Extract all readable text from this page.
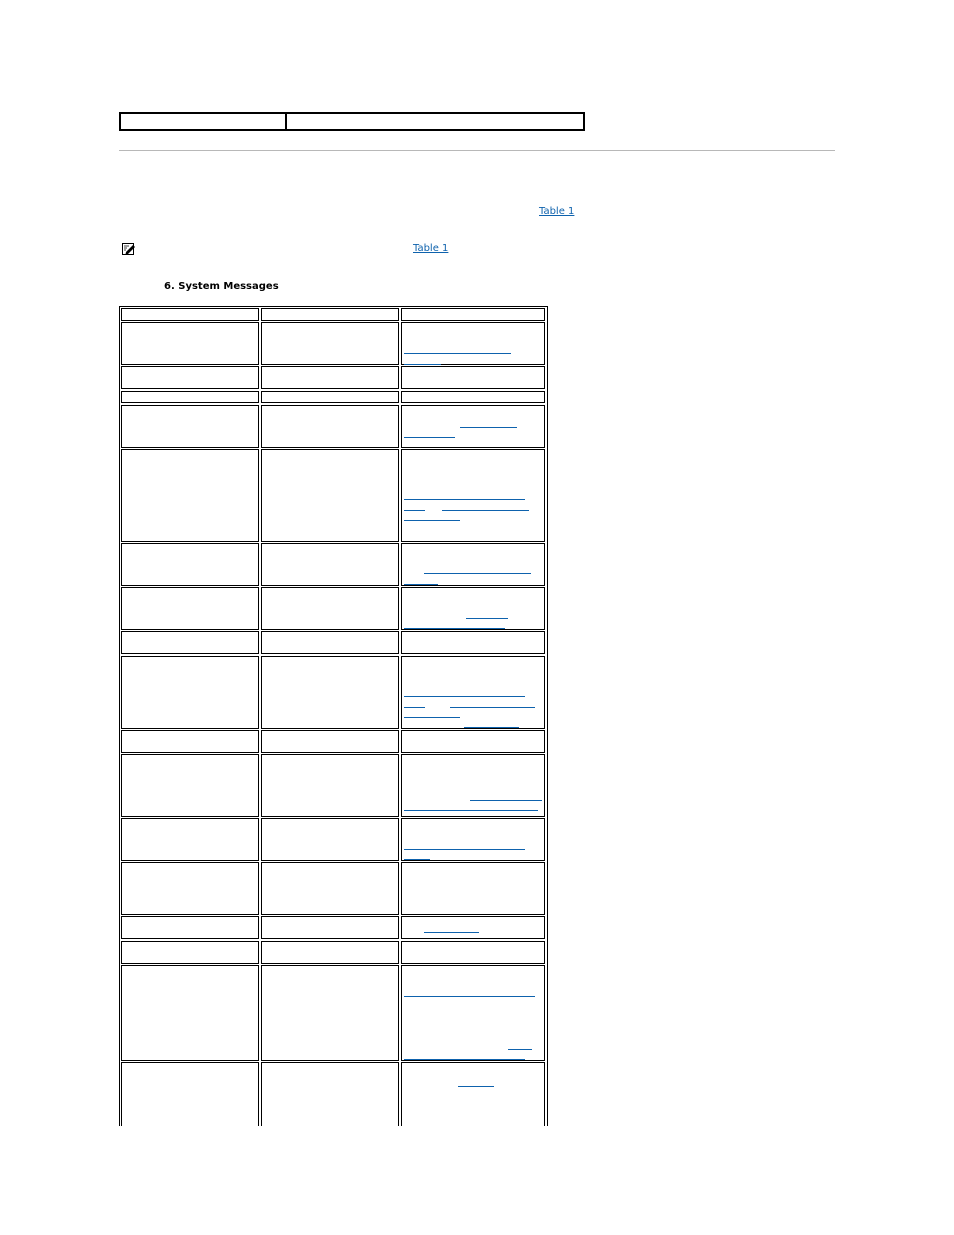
Table 1
Table 1
6. System Messages
